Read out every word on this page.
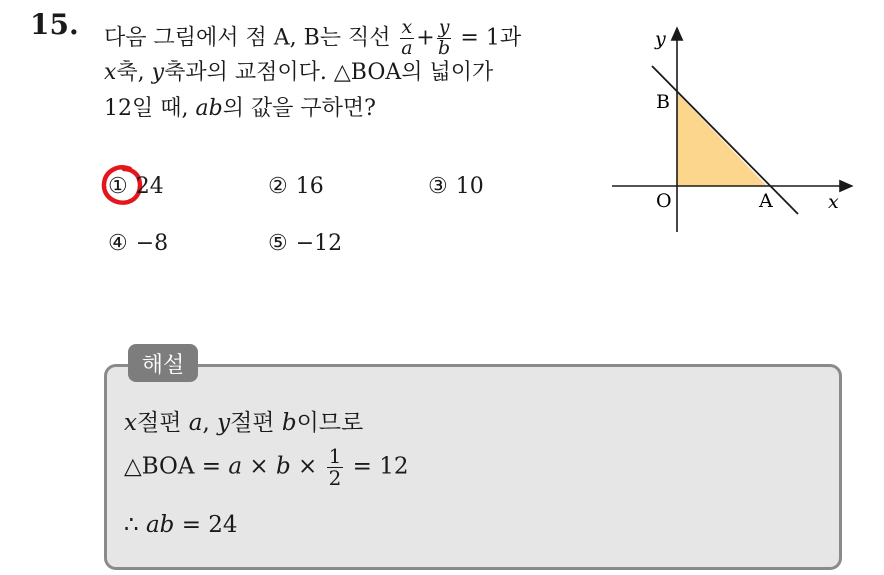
15. 다음 그림에서 점 A, B는 직선 $\frac{x}{a} + \frac{y}{b} = 1$과
x축, y축과의 교점이다. △BOA의 넓이가
12일 때, ab의 값을 구하면?
① 24	② 16	③ 10
④ −8	⑤ −12
y
x
B
O	A
해설
x절편 a, y절편 b이므로
△BOA = $a \times b \times \frac{1}{2} = 12$
∴ ab = 24
